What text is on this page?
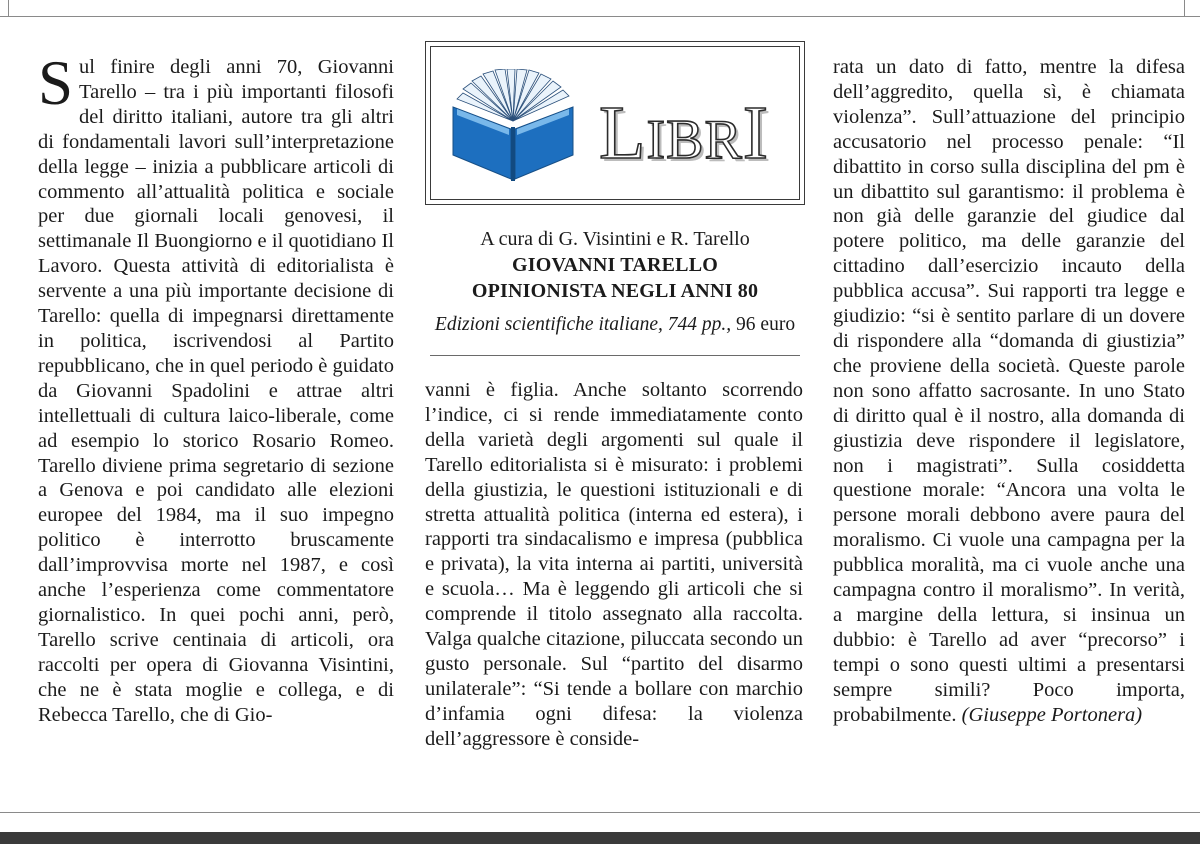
Sul finire degli anni 70, Giovanni Tarello – tra i più importanti filosofi del diritto italiani, autore tra gli altri di fondamentali lavori sull’interpretazione della legge – inizia a pubblicare articoli di commento all’attualità politica e sociale per due giornali locali genovesi, il settimanale Il Buongiorno e il quotidiano Il Lavoro. Questa attività di editorialista è servente a una più importante decisione di Tarello: quella di impegnarsi direttamente in politica, iscrivendosi al Partito repubblicano, che in quel periodo è guidato da Giovanni Spadolini e attrae altri intellettuali di cultura laico-liberale, come ad esempio lo storico Rosario Romeo. Tarello diviene prima segretario di sezione a Genova e poi candidato alle elezioni europee del 1984, ma il suo impegno politico è interrotto bruscamente dall’improvvisa morte nel 1987, e così anche l’esperienza come commentatore giornalistico. In quei pochi anni, però, Tarello scrive centinaia di articoli, ora raccolti per opera di Giovanna Visintini, che ne è stata moglie e collega, e di Rebecca Tarello, che di Gio-

LIBRI
A cura di G. Visintini e R. Tarello
GIOVANNI TARELLO
OPINIONISTA NEGLI ANNI 80
Edizioni scientifiche italiane, 744 pp., 96 euro

vanni è figlia. Anche soltanto scorrendo l’indice, ci si rende immediatamente conto della varietà degli argomenti sul quale il Tarello editorialista si è misurato: i problemi della giustizia, le questioni istituzionali e di stretta attualità politica (interna ed estera), i rapporti tra sindacalismo e impresa (pubblica e privata), la vita interna ai partiti, università e scuola… Ma è leggendo gli articoli che si comprende il titolo assegnato alla raccolta. Valga qualche citazione, piluccata secondo un gusto personale. Sul “partito del disarmo unilaterale”: “Si tende a bollare con marchio d’infamia ogni difesa: la violenza dell’aggressore è conside-

rata un dato di fatto, mentre la difesa dell’aggredito, quella sì, è chiamata violenza”. Sull’attuazione del principio accusatorio nel processo penale: “Il dibattito in corso sulla disciplina del pm è un dibattito sul garantismo: il problema è non già delle garanzie del giudice dal potere politico, ma delle garanzie del cittadino dall’esercizio incauto della pubblica accusa”. Sui rapporti tra legge e giudizio: “si è sentito parlare di un dovere di rispondere alla “domanda di giustizia” che proviene della società. Queste parole non sono affatto sacrosante. In uno Stato di diritto qual è il nostro, alla domanda di giustizia deve rispondere il legislatore, non i magistrati”. Sulla cosiddetta questione morale: “Ancora una volta le persone morali debbono avere paura del moralismo. Ci vuole una campagna per la pubblica moralità, ma ci vuole anche una campagna contro il moralismo”. In verità, a margine della lettura, si insinua un dubbio: è Tarello ad aver “precorso” i tempi o sono questi ultimi a presentarsi sempre simili? Poco importa, probabilmente. (Giuseppe Portonera)
